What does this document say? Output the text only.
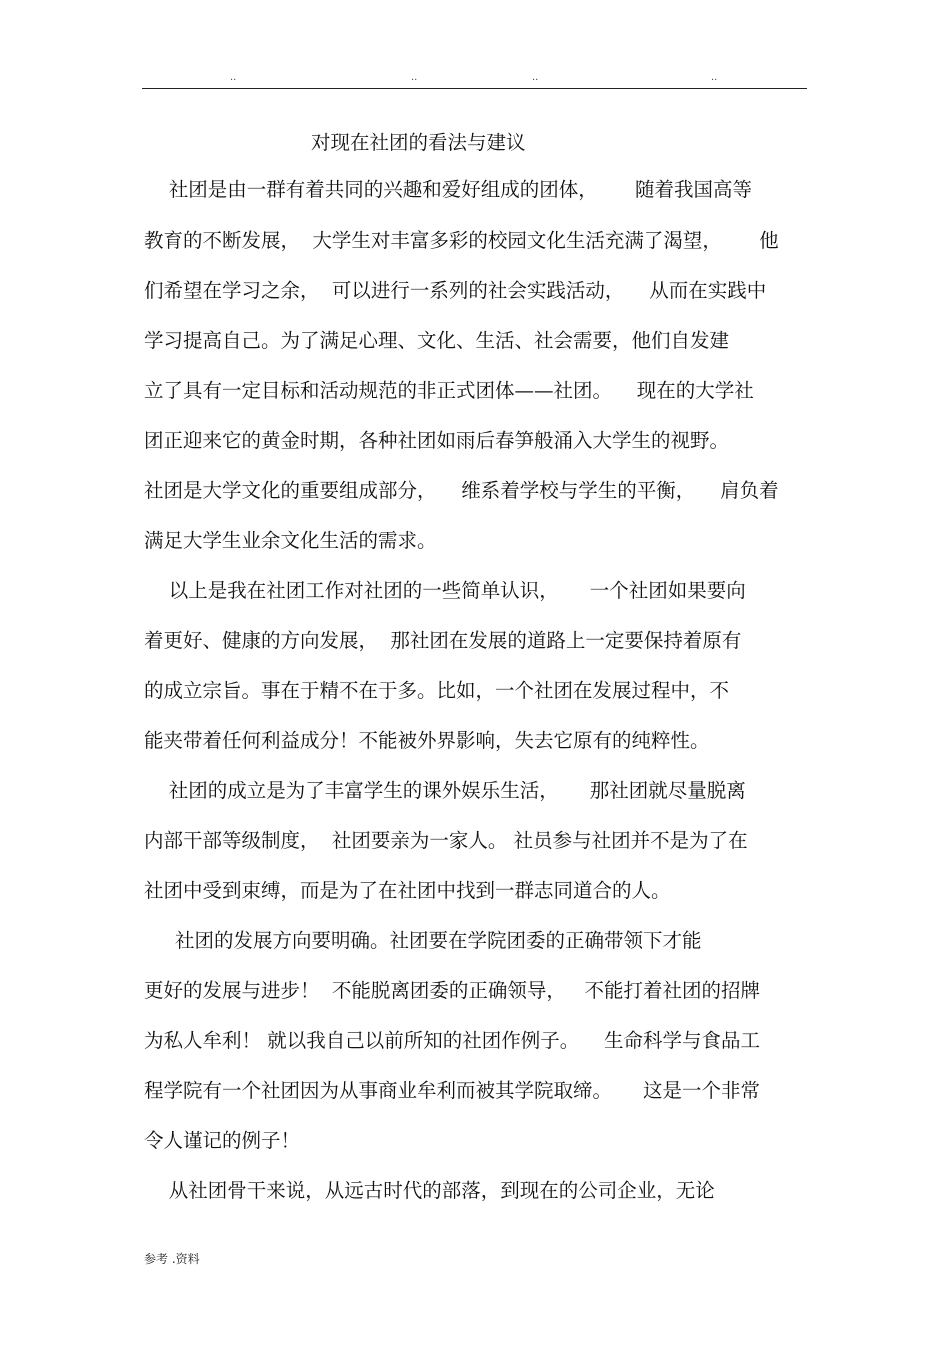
..	..	..	..
对现在社团的看法与建议
社团是由一群有着共同的兴趣和爱好组成的团体，      随着我国高等
教育的不断发展，  大学生对丰富多彩的校园文化生活充满了渴望，      他
们希望在学习之余，  可以进行一系列的社会实践活动，    从而在实践中
学习提高自己。为了满足心理、文化、生活、社会需要，他们自发建
立了具有一定目标和活动规范的非正式团体——社团。    现在的大学社
团正迎来它的黄金时期，各种社团如雨后春笋般涌入大学生的视野。
社团是大学文化的重要组成部分，    维系着学校与学生的平衡，    肩负着
满足大学生业余文化生活的需求。
以上是我在社团工作对社团的一些简单认识，     一个社团如果要向
着更好、健康的方向发展，  那社团在发展的道路上一定要保持着原有
的成立宗旨。事在于精不在于多。比如，一个社团在发展过程中，不
能夹带着任何利益成分！不能被外界影响，失去它原有的纯粹性。
社团的成立是为了丰富学生的课外娱乐生活，     那社团就尽量脱离
内部干部等级制度，  社团要亲为一家人。 社员参与社团并不是为了在
社团中受到束缚，而是为了在社团中找到一群志同道合的人。
社团的发展方向要明确。社团要在学院团委的正确带领下才能
更好的发展与进步！  不能脱离团委的正确领导，   不能打着社团的招牌
为私人牟利！ 就以我自己以前所知的社团作例子。    生命科学与食品工
程学院有一个社团因为从事商业牟利而被其学院取缔。     这是一个非常
令人谨记的例子！
从社团骨干来说，从远古时代的部落，到现在的公司企业，无论
参考 .资料
